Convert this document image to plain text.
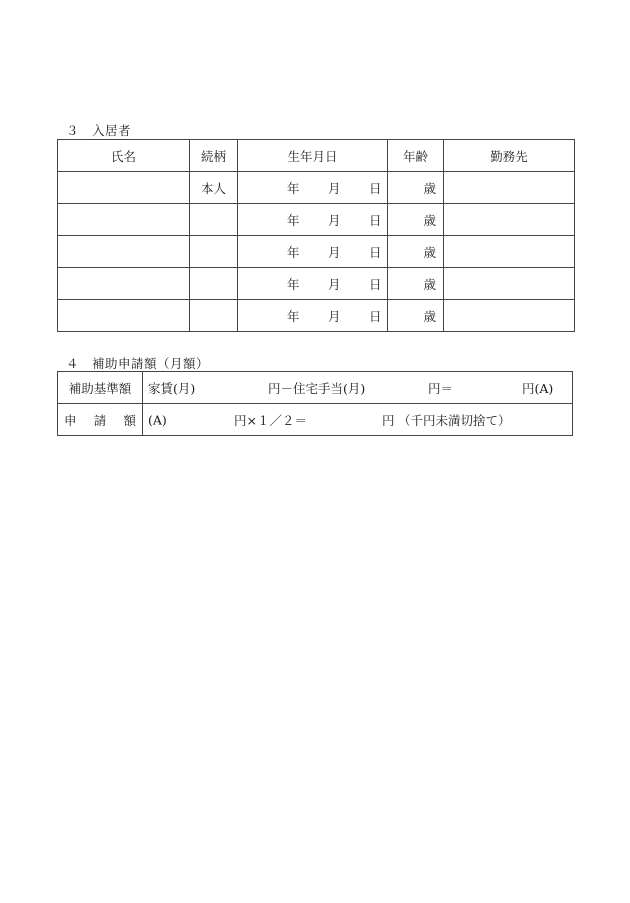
３　入居者
氏名	続柄	生年月日	年齢	勤務先
	本人	年 月 日	歳	

		年 月 日	歳	

		年 月 日	歳	

		年 月 日	歳	

		年 月 日	歳	
４　補助申請額（月額）
補助基準額	家賃(月) 円－住宅手当(月) 円＝ 円(A)

申 請 額	(A) 円×１／２＝ 円 （千円未満切捨て）
